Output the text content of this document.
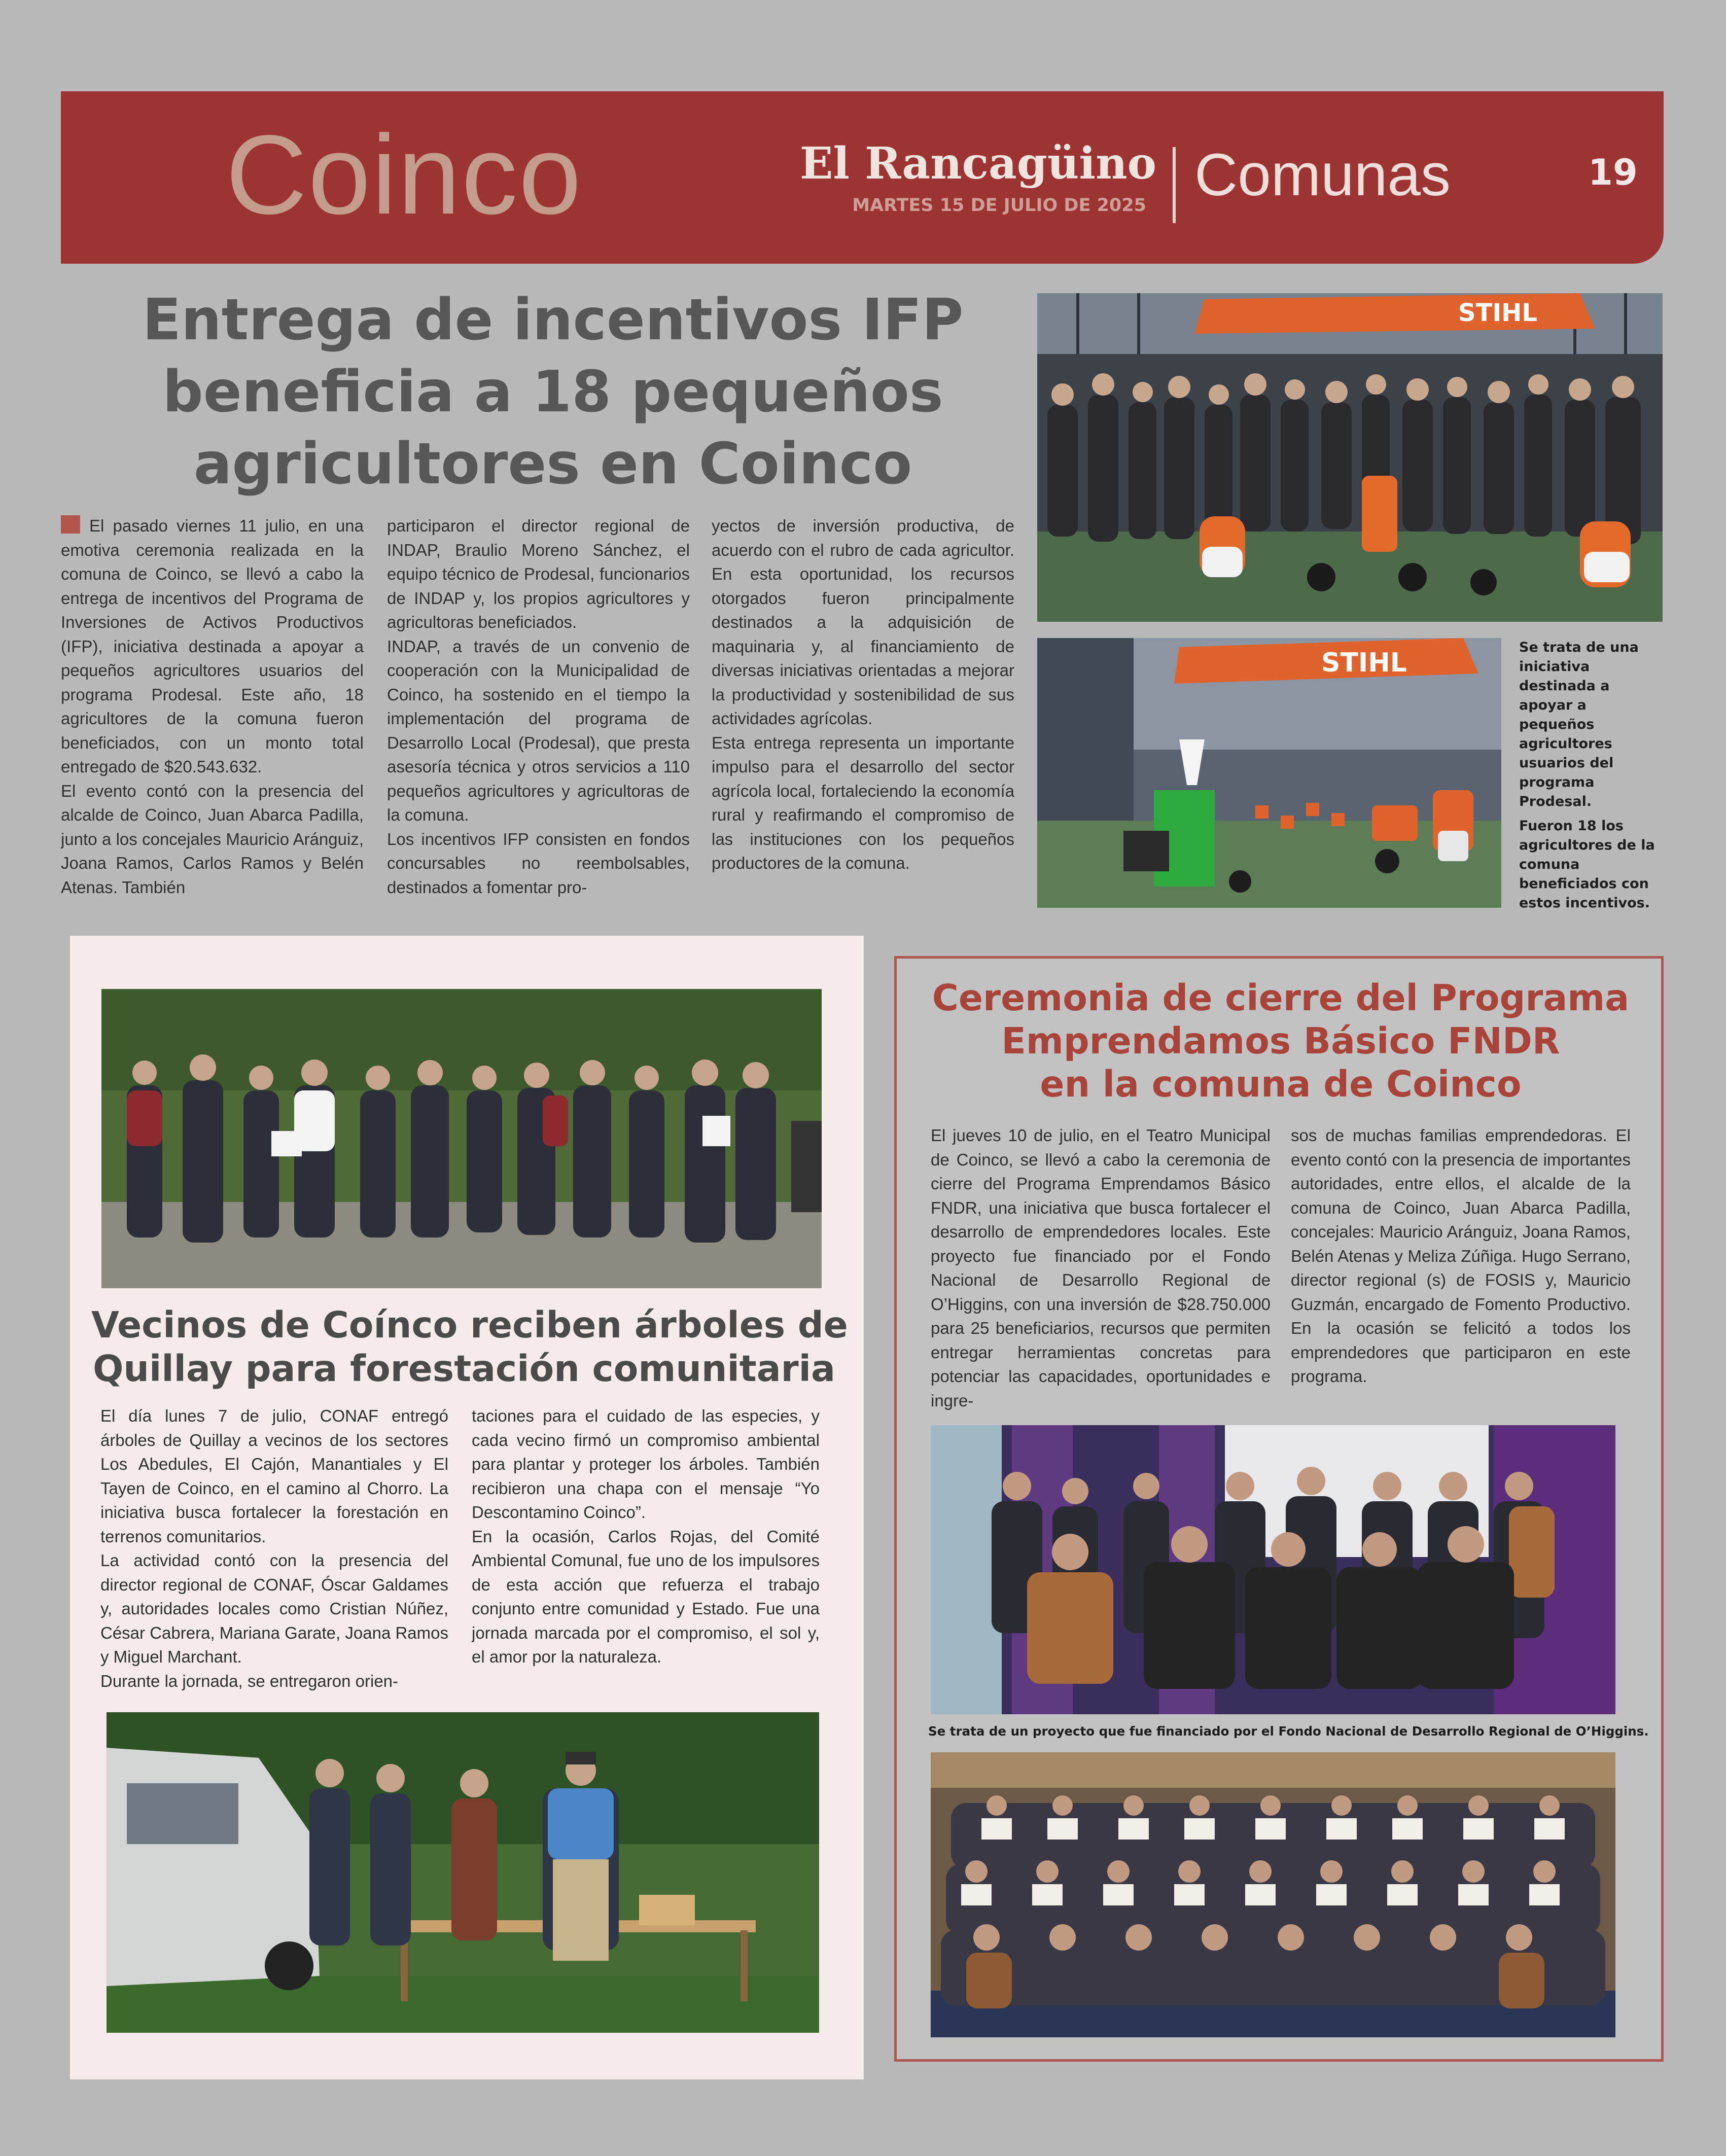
Coinco	El Rancagüino
MARTES 15 DE JULIO DE 2025 Comunas	19
Entrega de incentivos IFP
beneficia a 18 pequeños
agricultores en Coinco

El pasado viernes 11 julio, en una emotiva ceremonia realizada en la comuna de Coinco, se llevó a cabo la entrega de incentivos del Programa de Inversiones de Activos Productivos (IFP), iniciativa destinada a apoyar a pequeños agricultores usuarios del programa Prodesal. Este año, 18 agricultores de la comuna fueron beneficiados, con un monto total entregado de $20.543.632.

El evento contó con la presencia del alcalde de Coinco, Juan Abarca Padilla, junto a los concejales Mauricio Aránguiz, Joana Ramos, Carlos Ramos y Belén Atenas. También

participaron el director regional de INDAP, Braulio Moreno Sánchez, el equipo técnico de Prodesal, funcionarios de INDAP y, los propios agricultores y agricultoras beneficiados.

INDAP, a través de un convenio de cooperación con la Municipalidad de Coinco, ha sostenido en el tiempo la implementación del programa de Desarrollo Local (Prodesal), que presta asesoría técnica y otros servicios a 110 pequeños agricultores y agricultoras de la comuna.

Los incentivos IFP consisten en fondos concursables no reembolsables, destinados a fomentar pro-

yectos de inversión productiva, de acuerdo con el rubro de cada agricultor. En esta oportunidad, los recursos otorgados fueron principalmente destinados a la adquisición de maquinaria y, al financiamiento de diversas iniciativas orientadas a mejorar la productividad y sostenibilidad de sus actividades agrícolas.

Esta entrega representa un importante impulso para el desarrollo del sector agrícola local, fortaleciendo la economía rural y reafirmando el compromiso de las instituciones con los pequeños productores de la comuna.

STIHL
STIHL
Se trata de una iniciativa destinada a apoyar a pequeños agricultores usuarios del programa Prodesal.
Fueron 18 los agricultores de la comuna beneficiados con estos incentivos.
Vecinos de Coínco reciben árboles de
Quillay para forestación comunitaria

El día lunes 7 de julio, CONAF entregó árboles de Quillay a vecinos de los sectores Los Abedules, El Cajón, Manantiales y El Tayen de Coinco, en el camino al Chorro. La iniciativa busca fortalecer la forestación en terrenos comunitarios.

La actividad contó con la presencia del director regional de CONAF, Óscar Galdames y, autoridades locales como Cristian Núñez, César Cabrera, Mariana Garate, Joana Ramos y Miguel Marchant.

Durante la jornada, se entregaron orien-

taciones para el cuidado de las especies, y cada vecino firmó un compromiso ambiental para plantar y proteger los árboles. También recibieron una chapa con el mensaje “Yo Descontamino Coinco”.

En la ocasión, Carlos Rojas, del Comité Ambiental Comunal, fue uno de los impulsores de esta acción que refuerza el trabajo conjunto entre comunidad y Estado. Fue una jornada marcada por el compromiso, el sol y, el amor por la naturaleza.

Ceremonia de cierre del Programa
Emprendamos Básico FNDR
en la comuna de Coinco

El jueves 10 de julio, en el Teatro Municipal de Coinco, se llevó a cabo la ceremonia de cierre del Programa Emprendamos Básico FNDR, una iniciativa que busca fortalecer el desarrollo de emprendedores locales. Este proyecto fue financiado por el Fondo Nacional de Desarrollo Regional de O’Higgins, con una inversión de $28.750.000 para 25 beneficiarios, recursos que permiten entregar herramientas concretas para potenciar las capacidades, oportunidades e ingre-

sos de muchas familias emprendedoras. El evento contó con la presencia de importantes autoridades, entre ellos, el alcalde de la comuna de Coinco, Juan Abarca Padilla, concejales: Mauricio Aránguiz, Joana Ramos, Belén Atenas y Meliza Zúñiga. Hugo Serrano, director regional (s) de FOSIS y, Mauricio Guzmán, encargado de Fomento Productivo. En la ocasión se felicitó a todos los emprendedores que participaron en este programa.

Se trata de un proyecto que fue financiado por el Fondo Nacional de Desarrollo Regional de O’Higgins.
